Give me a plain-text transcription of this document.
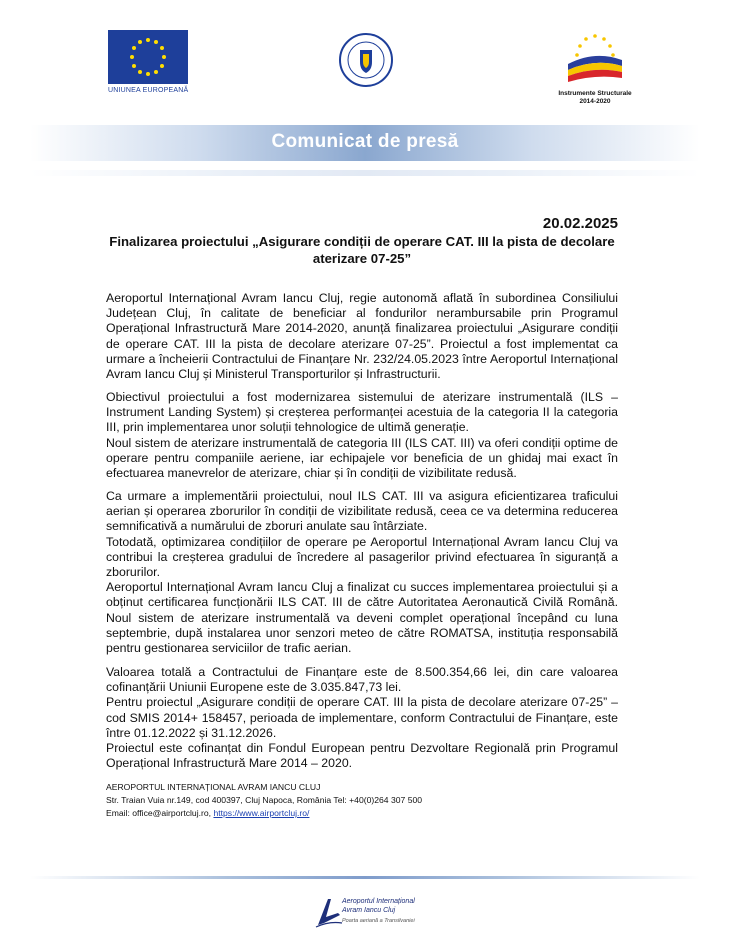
UNIUNEA EUROPEANĂ	Instrumente Structurale
2014-2020
Comunicat de presă
20.02.2025
Finalizarea proiectului „Asigurare condiții de operare CAT. III la pista de decolare aterizare 07-25”

Aeroportul Internațional Avram Iancu Cluj, regie autonomă aflată în subordinea Consiliului Județean Cluj, în calitate de beneficiar al fondurilor nerambursabile prin Programul Operațional Infrastructură Mare 2014-2020, anunță finalizarea proiectului „Asigurare condiții de operare CAT. III la pista de decolare aterizare 07-25”. Proiectul a fost implementat ca urmare a încheierii Contractului de Finanțare Nr. 232/24.05.2023 între Aeroportul Internațional Avram Iancu Cluj și Ministerul Transporturilor și Infrastructurii.

Obiectivul proiectului a fost modernizarea sistemului de aterizare instrumentală (ILS – Instrument Landing System) și creșterea performanței acestuia de la categoria II la categoria III, prin implementarea unor soluții tehnologice de ultimă generație.

Noul sistem de aterizare instrumentală de categoria III (ILS CAT. III) va oferi condiții optime de operare pentru companiile aeriene, iar echipajele vor beneficia de un ghidaj mai exact în efectuarea manevrelor de aterizare, chiar și în condiții de vizibilitate redusă.

Ca urmare a implementării proiectului, noul ILS CAT. III va asigura eficientizarea traficului aerian și operarea zborurilor în condiții de vizibilitate redusă, ceea ce va determina reducerea semnificativă a numărului de zboruri anulate sau întârziate.

Totodată, optimizarea condițiilor de operare pe Aeroportul Internațional Avram Iancu Cluj va contribui la creșterea gradului de încredere al pasagerilor privind efectuarea în siguranță a zborurilor.

Aeroportul Internațional Avram Iancu Cluj a finalizat cu succes implementarea proiectului și a obținut certificarea funcționării ILS CAT. III de către Autoritatea Aeronautică Civilă Română. Noul sistem de aterizare instrumentală va deveni complet operațional începând cu luna septembrie, după instalarea unor senzori meteo de către ROMATSA, instituția responsabilă pentru gestionarea serviciilor de trafic aerian.

Valoarea totală a Contractului de Finanțare este de 8.500.354,66 lei, din care valoarea cofinanțării Uniunii Europene este de 3.035.847,73 lei.

Pentru proiectul „Asigurare condiții de operare CAT. III la pista de decolare aterizare 07-25” – cod SMIS 2014+ 158457, perioada de implementare, conform Contractului de Finanțare, este între 01.12.2022 și 31.12.2026.

Proiectul este cofinanțat din Fondul European pentru Dezvoltare Regională prin Programul Operațional Infrastructură Mare 2014 – 2020.

AEROPORTUL INTERNAȚIONAL AVRAM IANCU CLUJ
Str. Traian Vuia nr.149, cod 400397, Cluj Napoca, România Tel: +40(0)264 307 500
Email: office@airportcluj.ro, https://www.airportcluj.ro/
Aeroportul Internațional
Avram Iancu Cluj
Poarta aeriană a Transilvaniei
